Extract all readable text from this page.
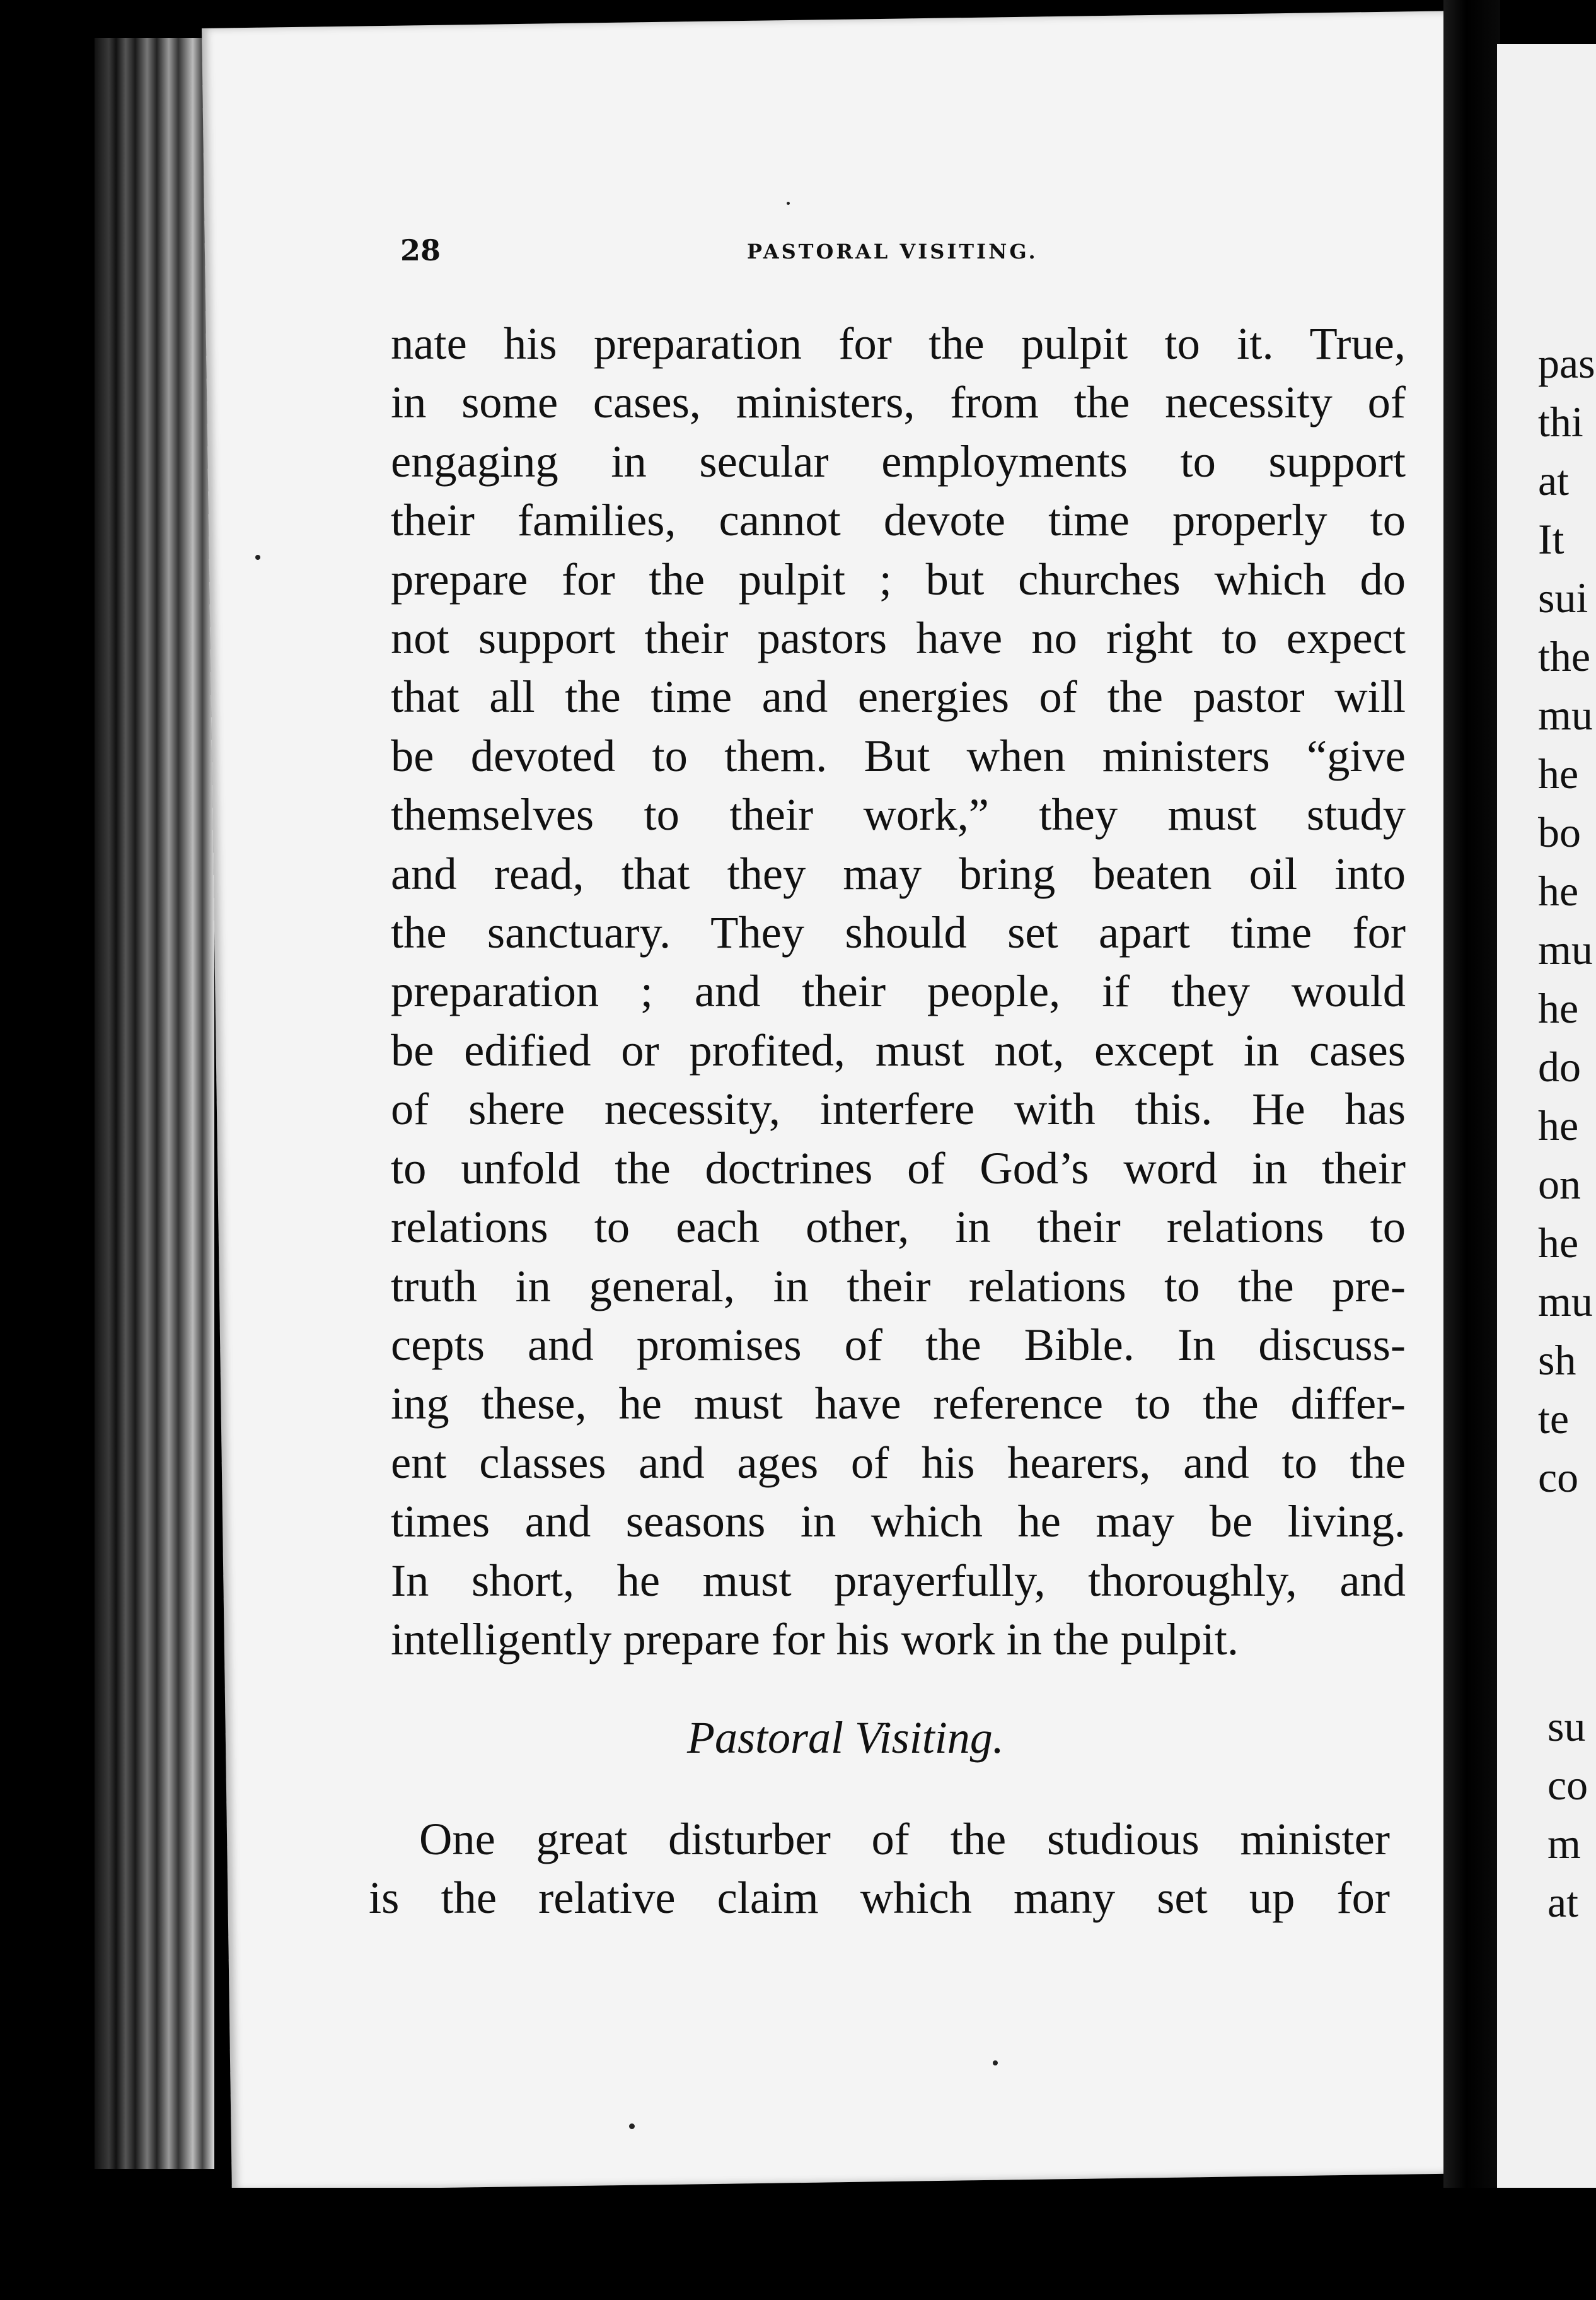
28	PASTORAL VISITING.
nate his preparation for the pulpit to it. True,
in some cases, ministers, from the necessity of
engaging in secular employments to support
their families, cannot devote time properly to
prepare for the pulpit ; but churches which do
not support their pastors have no right to expect
that all the time and energies of the pastor will
be devoted to them. But when ministers “give
themselves to their work,” they must study
and read, that they may bring beaten oil into
the sanctuary. They should set apart time for
preparation ; and their people, if they would
be edified or profited, must not, except in cases
of shere necessity, interfere with this. He has
to unfold the doctrines of God’s word in their
relations to each other, in their relations to
truth in general, in their relations to the pre-
cepts and promises of the Bible. In discuss-
ing these, he must have reference to the differ-
ent classes and ages of his hearers, and to the
times and seasons in which he may be living.
In short, he must prayerfully, thoroughly, and
intelligently prepare for his work in the pulpit.
Pastoral Visiting.
One great disturber of the studious minister
is the relative claim which many set up for
pas
thi
at
It
sui
the
mu
he
bo
he
mu
he
do
he
on
he
mu
sh
te
co
su
co
m
at
